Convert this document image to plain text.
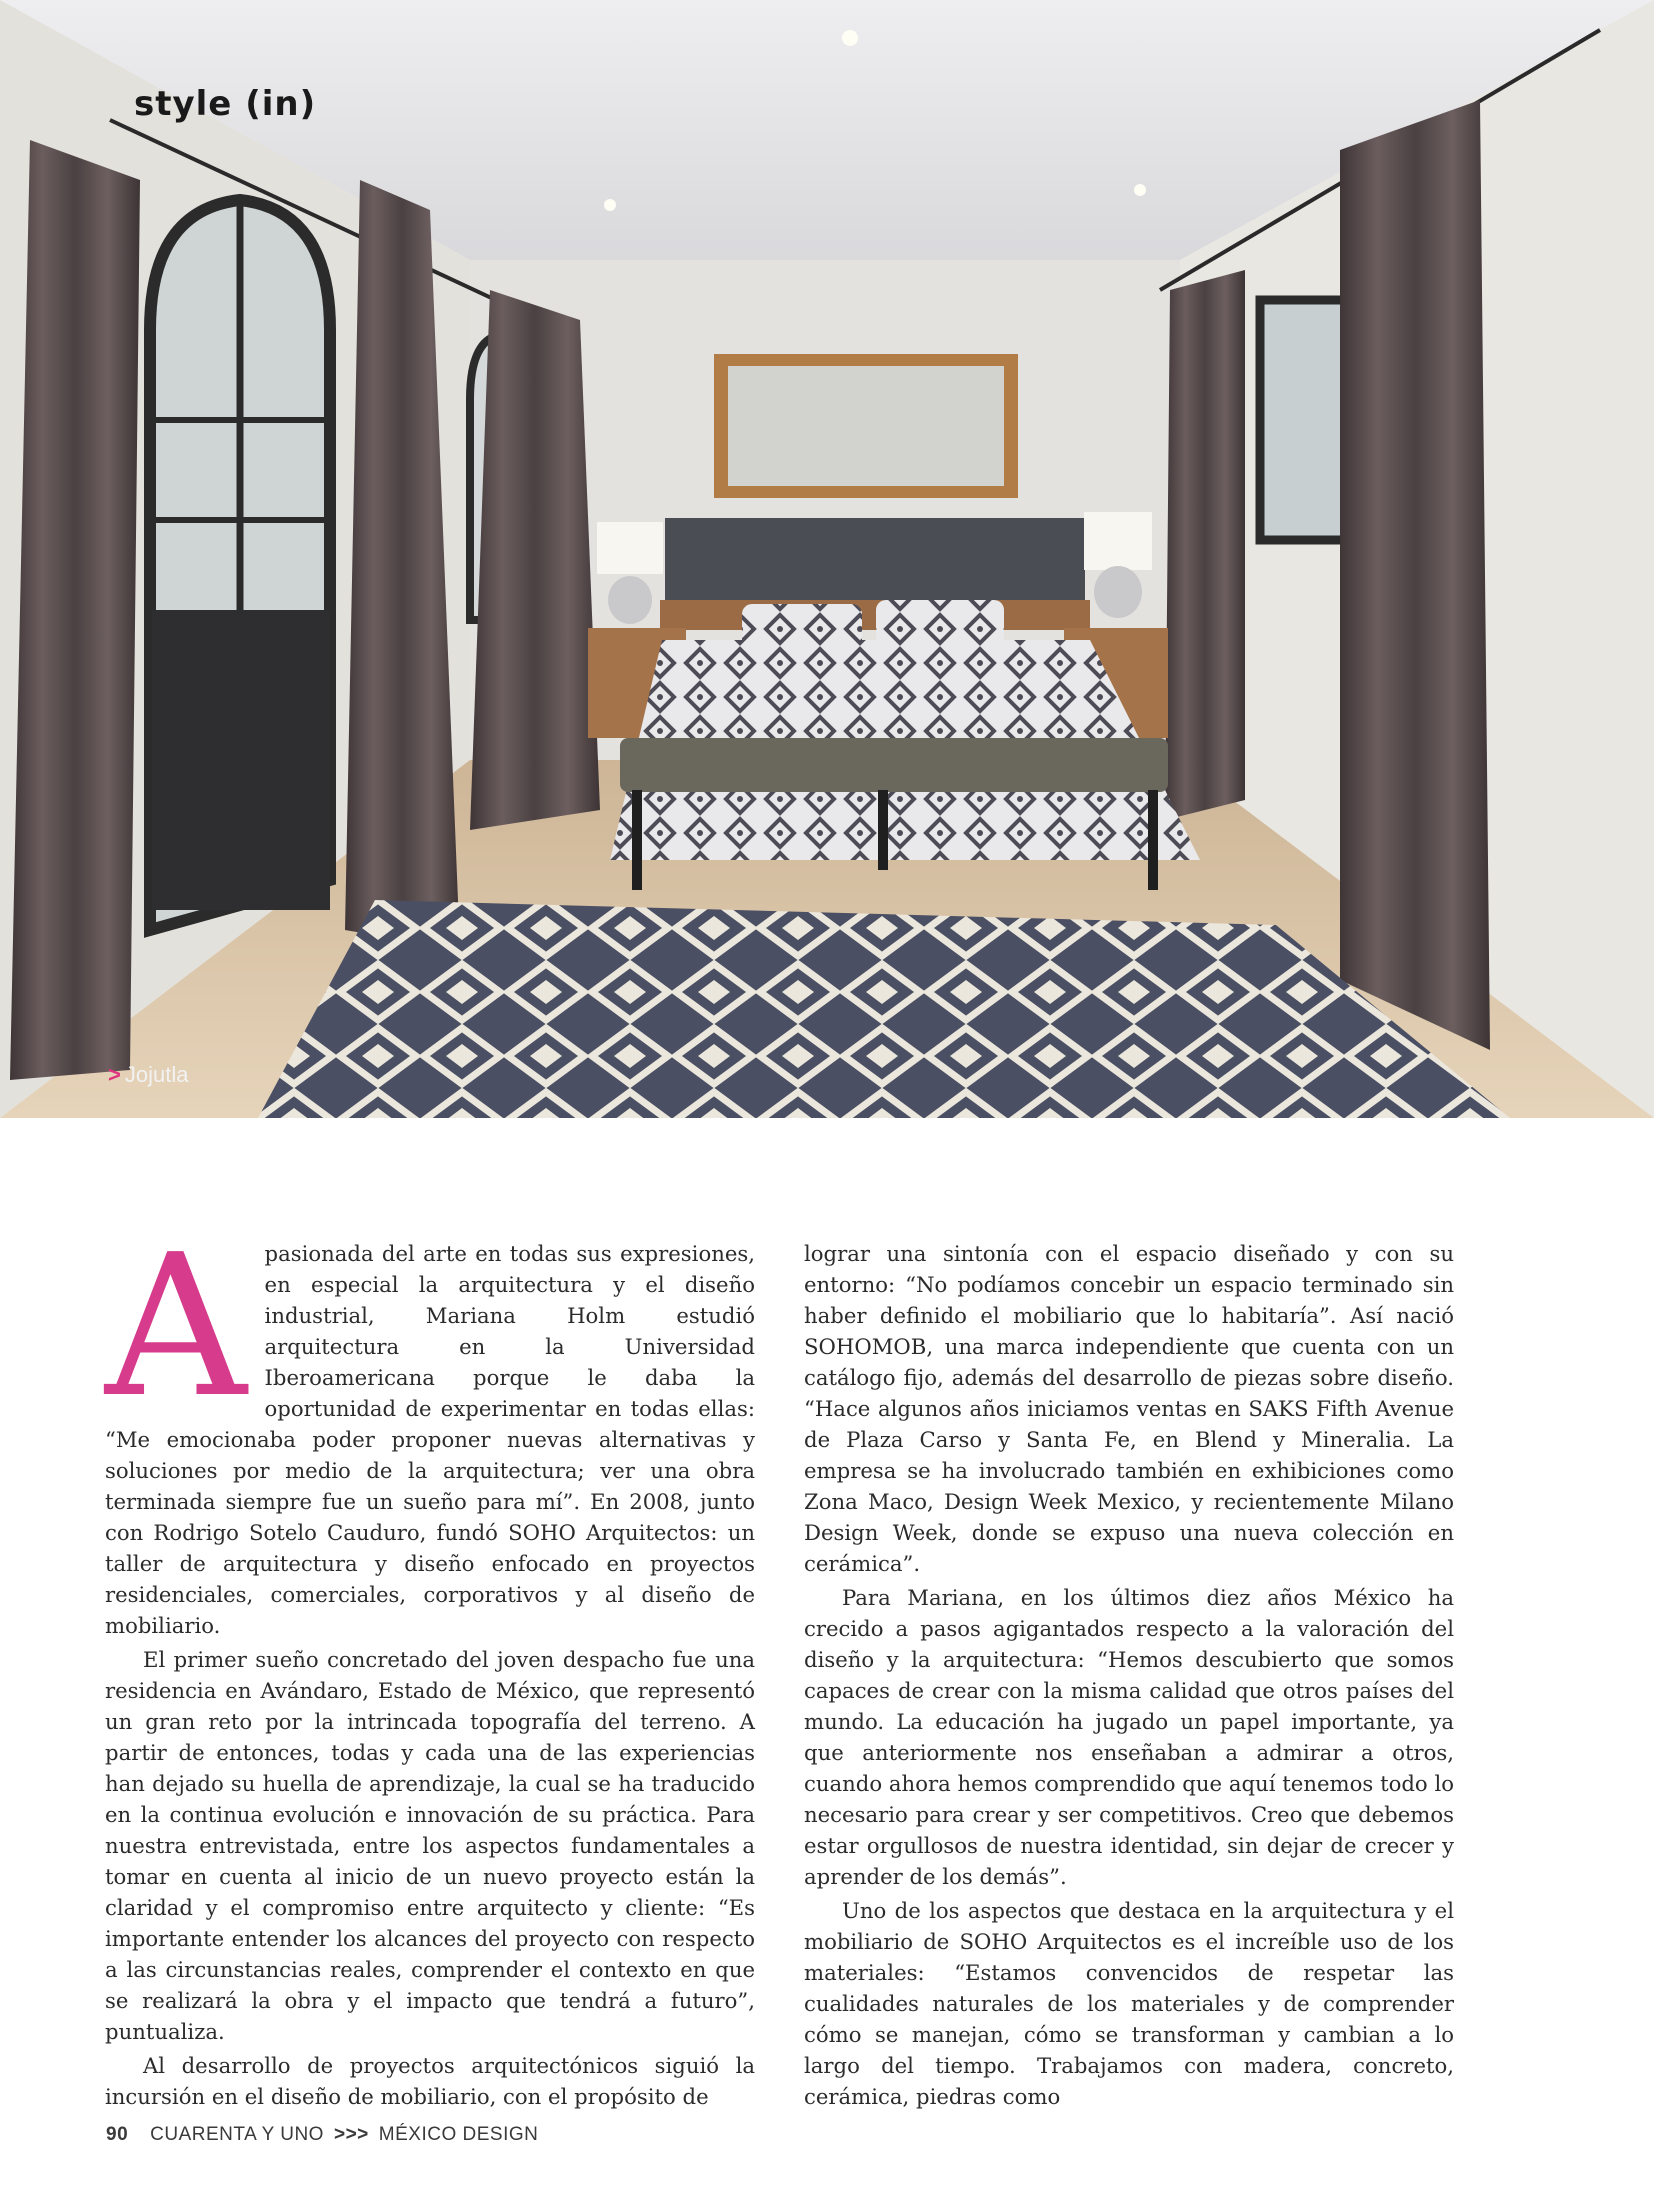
style (in)
> Jojutla

Apasionada del arte en todas sus expresiones, en especial la arquitectura y el diseño industrial, Mariana Holm estudió arquitectura en la Universidad Iberoamericana porque le daba la oportunidad de experimentar en todas ellas: “Me emocionaba poder proponer nuevas alternativas y soluciones por medio de la arquitectura; ver una obra terminada siempre fue un sueño para mí”. En 2008, junto con Rodrigo Sotelo Cauduro, fundó SOHO Arquitectos: un taller de arquitectura y diseño enfocado en proyectos residenciales, comerciales, corporativos y al diseño de mobiliario.

El primer sueño concretado del joven despacho fue una residencia en Avándaro, Estado de México, que representó un gran reto por la intrincada topografía del terreno. A partir de entonces, todas y cada una de las experiencias han dejado su huella de aprendizaje, la cual se ha traducido en la continua evolución e innovación de su práctica. Para nuestra entrevistada, entre los aspectos fundamentales a tomar en cuenta al inicio de un nuevo proyecto están la claridad y el compromiso entre arquitecto y cliente: “Es importante entender los alcances del proyecto con respecto a las circunstancias reales, comprender el contexto en que se realizará la obra y el impacto que tendrá a futuro”, puntualiza.

Al desarrollo de proyectos arquitectónicos siguió la incursión en el diseño de mobiliario, con el propósito de

lograr una sintonía con el espacio diseñado y con su entorno: “No podíamos concebir un espacio terminado sin haber definido el mobiliario que lo habitaría”. Así nació SOHOMOB, una marca independiente que cuenta con un catálogo fijo, además del desarrollo de piezas sobre diseño. “Hace algunos años iniciamos ventas en SAKS Fifth Avenue de Plaza Carso y Santa Fe, en Blend y Mineralia. La empresa se ha involucrado también en exhibiciones como Zona Maco, Design Week Mexico, y recientemente Milano Design Week, donde se expuso una nueva colección en cerámica”.

Para Mariana, en los últimos diez años México ha crecido a pasos agigantados respecto a la valoración del diseño y la arquitectura: “Hemos descubierto que somos capaces de crear con la misma calidad que otros países del mundo. La educación ha jugado un papel importante, ya que anteriormente nos enseñaban a admirar a otros, cuando ahora hemos comprendido que aquí tenemos todo lo necesario para crear y ser competitivos. Creo que debemos estar orgullosos de nuestra identidad, sin dejar de crecer y aprender de los demás”.

Uno de los aspectos que destaca en la arquitectura y el mobiliario de SOHO Arquitectos es el increíble uso de los materiales: “Estamos convencidos de respetar las cualidades naturales de los materiales y de comprender cómo se manejan, cómo se transforman y cambian a lo largo del tiempo. Trabajamos con madera, concreto, cerámica, piedras como

90 CUARENTA Y UNO >>> MÉXICO DESIGN
